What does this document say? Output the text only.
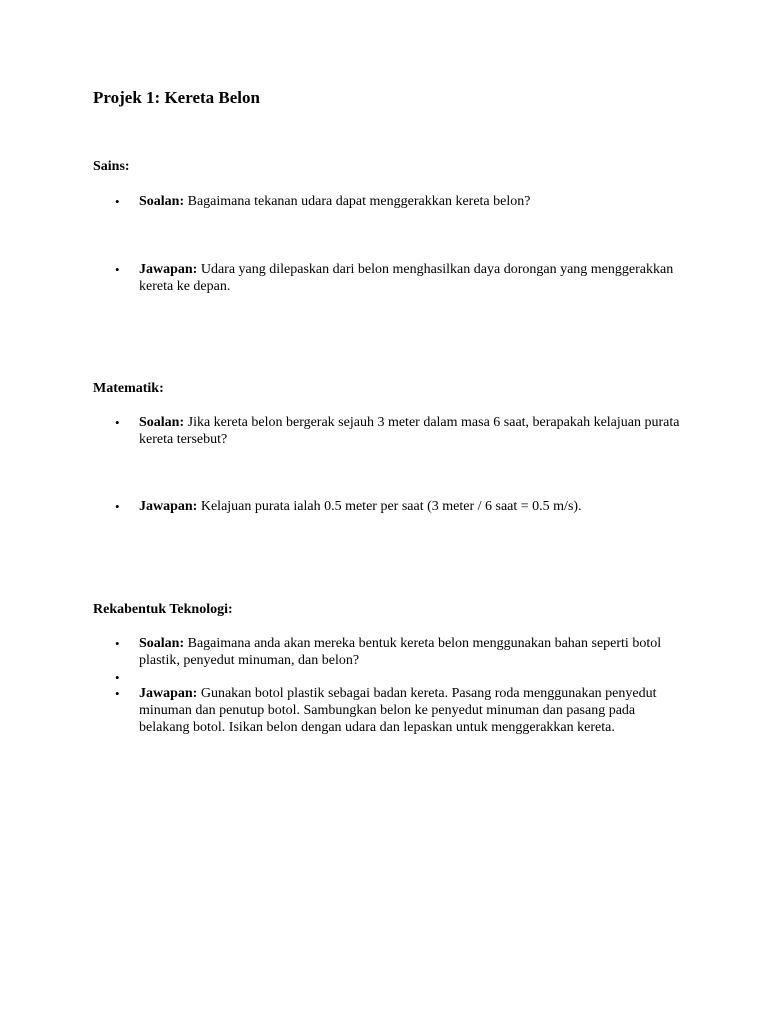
Projek 1: Kereta Belon
Sains:
• Soalan: Bagaimana tekanan udara dapat menggerakkan kereta belon?
• Jawapan: Udara yang dilepaskan dari belon menghasilkan daya dorongan yang menggerakkan kereta ke depan.
Matematik:
• Soalan: Jika kereta belon bergerak sejauh 3 meter dalam masa 6 saat, berapakah kelajuan purata kereta tersebut?
• Jawapan: Kelajuan purata ialah 0.5 meter per saat (3 meter / 6 saat = 0.5 m/s).
Rekabentuk Teknologi:
• Soalan: Bagaimana anda akan mereka bentuk kereta belon menggunakan bahan seperti botol plastik, penyedut minuman, dan belon?
•
• Jawapan: Gunakan botol plastik sebagai badan kereta. Pasang roda menggunakan penyedut minuman dan penutup botol. Sambungkan belon ke penyedut minuman dan pasang pada belakang botol. Isikan belon dengan udara dan lepaskan untuk menggerakkan kereta.
